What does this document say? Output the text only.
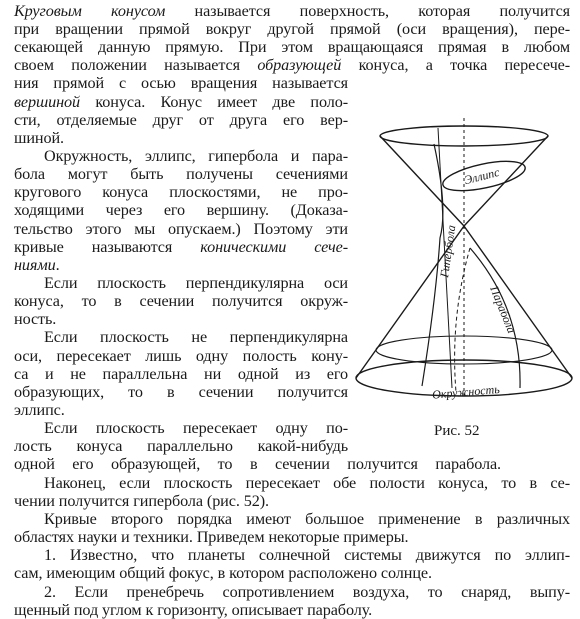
Круговым конусом называется поверхность, которая получится
при вращении прямой вокруг другой прямой (оси вращения), пере-
секающей данную прямую. При этом вращающаяся прямая в любом
своем положении называется образующей конуса, а точка пересече-
ния прямой с осью вращения называется
вершиной конуса. Конус имеет две поло-
сти, отделяемые друг от друга его вер-
шиной.
Окружность, эллипс, гипербола и пара-
бола могут быть получены сечениями
кругового конуса плоскостями, не про-
ходящими через его вершину. (Доказа-
тельство этого мы опускаем.) Поэтому эти
кривые называются коническими сече-
ниями.
Если плоскость перпендикулярна оси
конуса, то в сечении получится окруж-
ность.
Если плоскость не перпендикулярна
оси, пересекает лишь одну полость кону-
са и не параллельна ни одной из его
образующих, то в сечении получится
эллипс.
Если плоскость пересекает одну по-
лость конуса параллельно какой-нибудь
одной его образующей, то в сечении получится парабола.
Наконец, если плоскость пересекает обе полости конуса, то в се-
чении получится гипербола (рис. 52).
Кривые второго порядка имеют большое применение в различных
областях науки и техники. Приведем некоторые примеры.
1. Известно, что планеты солнечной системы движутся по эллип-
сам, имеющим общий фокус, в котором расположено солнце.
2. Если пренебречь сопротивлением воздуха, то снаряд, выпу-
щенный под углом к горизонту, описывает параболу.
Эллипс
Гипербола
Парабола
Окружность
Рис. 52
